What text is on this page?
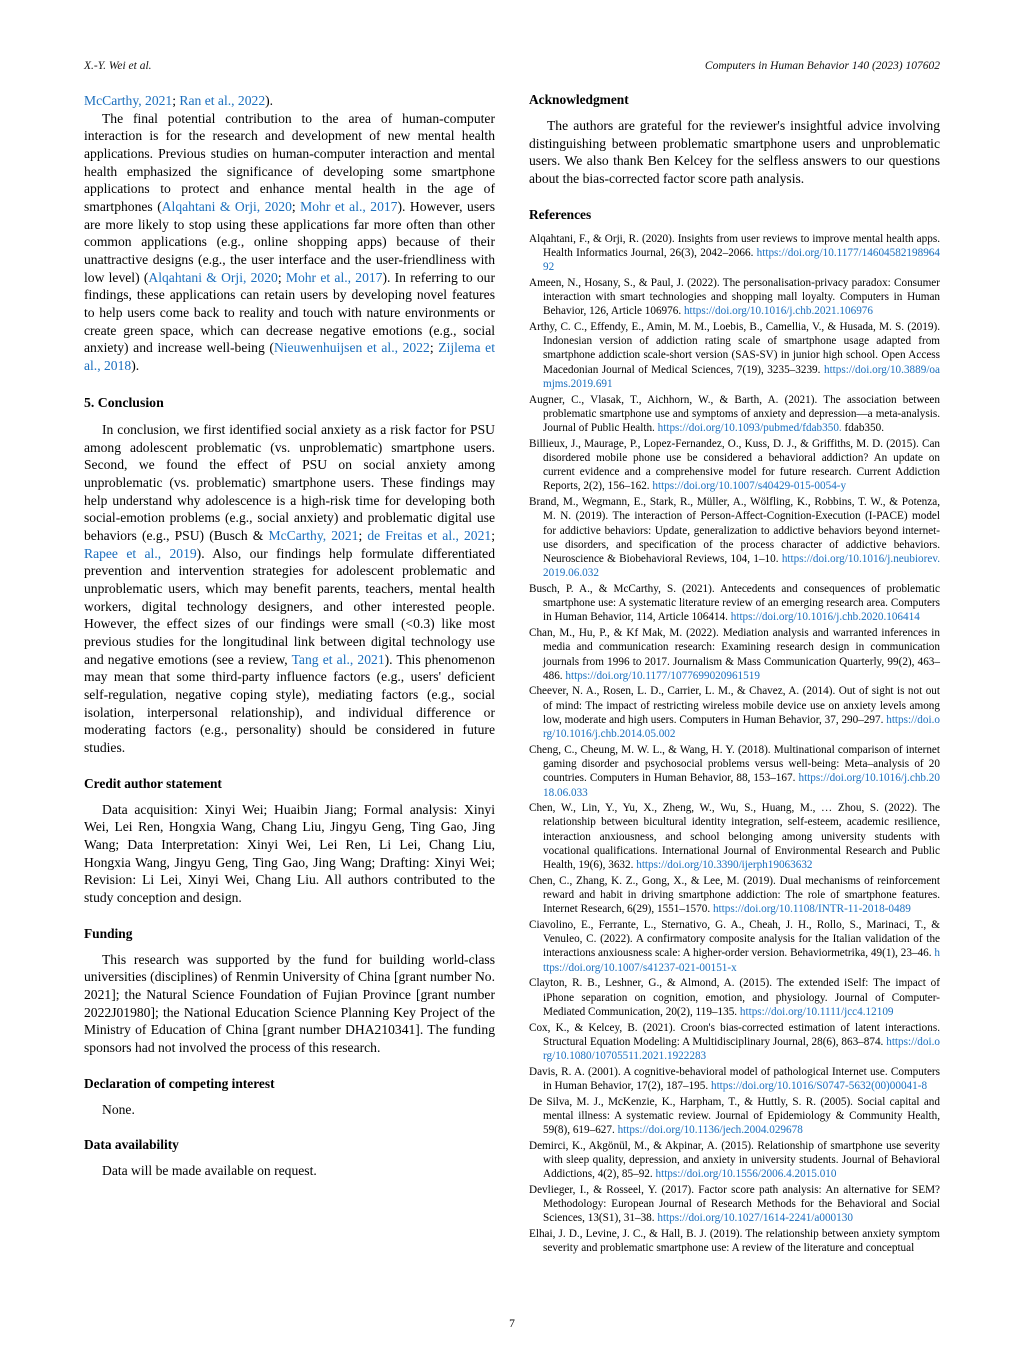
X.-Y. Wei et al.	Computers in Human Behavior 140 (2023) 107602

McCarthy, 2021; Ran et al., 2022).

The final potential contribution to the area of human-computer interaction is for the research and development of new mental health applications. Previous studies on human-computer interaction and mental health emphasized the significance of developing some smartphone applications to protect and enhance mental health in the age of smartphones (Alqahtani & Orji, 2020; Mohr et al., 2017). However, users are more likely to stop using these applications far more often than other common applications (e.g., online shopping apps) because of their unattractive designs (e.g., the user interface and the user-friendliness with low level) (Alqahtani & Orji, 2020; Mohr et al., 2017). In referring to our findings, these applications can retain users by developing novel features to help users come back to reality and touch with nature environments or create green space, which can decrease negative emotions (e.g., social anxiety) and increase well-being (Nieuwenhuijsen et al., 2022; Zijlema et al., 2018).

5. Conclusion

In conclusion, we first identified social anxiety as a risk factor for PSU among adolescent problematic (vs. unproblematic) smartphone users. Second, we found the effect of PSU on social anxiety among unproblematic (vs. problematic) smartphone users. These findings may help understand why adolescence is a high-risk time for developing both social-emotion problems (e.g., social anxiety) and problematic digital use behaviors (e.g., PSU) (Busch & McCarthy, 2021; de Freitas et al., 2021; Rapee et al., 2019). Also, our findings help formulate differentiated prevention and intervention strategies for adolescent problematic and unproblematic users, which may benefit parents, teachers, mental health workers, digital technology designers, and other interested people. However, the effect sizes of our findings were small (<0.3) like most previous studies for the longitudinal link between digital technology use and negative emotions (see a review, Tang et al., 2021). This phenomenon may mean that some third-party influence factors (e.g., users' deficient self-regulation, negative coping style), mediating factors (e.g., social isolation, interpersonal relationship), and individual difference or moderating factors (e.g., personality) should be considered in future studies.

Credit author statement

Data acquisition: Xinyi Wei; Huaibin Jiang; Formal analysis: Xinyi Wei, Lei Ren, Hongxia Wang, Chang Liu, Jingyu Geng, Ting Gao, Jing Wang; Data Interpretation: Xinyi Wei, Lei Ren, Li Lei, Chang Liu, Hongxia Wang, Jingyu Geng, Ting Gao, Jing Wang; Drafting: Xinyi Wei; Revision: Li Lei, Xinyi Wei, Chang Liu. All authors contributed to the study conception and design.

Funding

This research was supported by the fund for building world-class universities (disciplines) of Renmin University of China [grant number No. 2021]; the Natural Science Foundation of Fujian Province [grant number 2022J01980]; the National Education Science Planning Key Project of the Ministry of Education of China [grant number DHA210341]. The funding sponsors had not involved the process of this research.

Declaration of competing interest

None.

Data availability

Data will be made available on request.

Acknowledgment

The authors are grateful for the reviewer's insightful advice involving distinguishing between problematic smartphone users and unproblematic users. We also thank Ben Kelcey for the selfless answers to our questions about the bias-corrected factor score path analysis.

References
Alqahtani, F., & Orji, R. (2020). Insights from user reviews to improve mental health apps. Health Informatics Journal, 26(3), 2042–2066. https://doi.org/10.1177/1460458219896492
Ameen, N., Hosany, S., & Paul, J. (2022). The personalisation-privacy paradox: Consumer interaction with smart technologies and shopping mall loyalty. Computers in Human Behavior, 126, Article 106976. https://doi.org/10.1016/j.chb.2021.106976
Arthy, C. C., Effendy, E., Amin, M. M., Loebis, B., Camellia, V., & Husada, M. S. (2019). Indonesian version of addiction rating scale of smartphone usage adapted from smartphone addiction scale-short version (SAS-SV) in junior high school. Open Access Macedonian Journal of Medical Sciences, 7(19), 3235–3239. https://doi.org/10.3889/oamjms.2019.691
Augner, C., Vlasak, T., Aichhorn, W., & Barth, A. (2021). The association between problematic smartphone use and symptoms of anxiety and depression—a meta-analysis. Journal of Public Health. https://doi.org/10.1093/pubmed/fdab350. fdab350.
Billieux, J., Maurage, P., Lopez-Fernandez, O., Kuss, D. J., & Griffiths, M. D. (2015). Can disordered mobile phone use be considered a behavioral addiction? An update on current evidence and a comprehensive model for future research. Current Addiction Reports, 2(2), 156–162. https://doi.org/10.1007/s40429-015-0054-y
Brand, M., Wegmann, E., Stark, R., Müller, A., Wölfling, K., Robbins, T. W., & Potenza, M. N. (2019). The interaction of Person-Affect-Cognition-Execution (I-PACE) model for addictive behaviors: Update, generalization to addictive behaviors beyond internet-use disorders, and specification of the process character of addictive behaviors. Neuroscience & Biobehavioral Reviews, 104, 1–10. https://doi.org/10.1016/j.neubiorev.2019.06.032
Busch, P. A., & McCarthy, S. (2021). Antecedents and consequences of problematic smartphone use: A systematic literature review of an emerging research area. Computers in Human Behavior, 114, Article 106414. https://doi.org/10.1016/j.chb.2020.106414
Chan, M., Hu, P., & Kf Mak, M. (2022). Mediation analysis and warranted inferences in media and communication research: Examining research design in communication journals from 1996 to 2017. Journalism & Mass Communication Quarterly, 99(2), 463–486. https://doi.org/10.1177/1077699020961519
Cheever, N. A., Rosen, L. D., Carrier, L. M., & Chavez, A. (2014). Out of sight is not out of mind: The impact of restricting wireless mobile device use on anxiety levels among low, moderate and high users. Computers in Human Behavior, 37, 290–297. https://doi.org/10.1016/j.chb.2014.05.002
Cheng, C., Cheung, M. W. L., & Wang, H. Y. (2018). Multinational comparison of internet gaming disorder and psychosocial problems versus well-being: Meta–analysis of 20 countries. Computers in Human Behavior, 88, 153–167. https://doi.org/10.1016/j.chb.2018.06.033
Chen, W., Lin, Y., Yu, X., Zheng, W., Wu, S., Huang, M., … Zhou, S. (2022). The relationship between bicultural identity integration, self-esteem, academic resilience, interaction anxiousness, and school belonging among university students with vocational qualifications. International Journal of Environmental Research and Public Health, 19(6), 3632. https://doi.org/10.3390/ijerph19063632
Chen, C., Zhang, K. Z., Gong, X., & Lee, M. (2019). Dual mechanisms of reinforcement reward and habit in driving smartphone addiction: The role of smartphone features. Internet Research, 6(29), 1551–1570. https://doi.org/10.1108/INTR-11-2018-0489
Ciavolino, E., Ferrante, L., Sternativo, G. A., Cheah, J. H., Rollo, S., Marinaci, T., & Venuleo, C. (2022). A confirmatory composite analysis for the Italian validation of the interactions anxiousness scale: A higher-order version. Behaviormetrika, 49(1), 23–46. https://doi.org/10.1007/s41237-021-00151-x
Clayton, R. B., Leshner, G., & Almond, A. (2015). The extended iSelf: The impact of iPhone separation on cognition, emotion, and physiology. Journal of Computer-Mediated Communication, 20(2), 119–135. https://doi.org/10.1111/jcc4.12109
Cox, K., & Kelcey, B. (2021). Croon's bias-corrected estimation of latent interactions. Structural Equation Modeling: A Multidisciplinary Journal, 28(6), 863–874. https://doi.org/10.1080/10705511.2021.1922283
Davis, R. A. (2001). A cognitive-behavioral model of pathological Internet use. Computers in Human Behavior, 17(2), 187–195. https://doi.org/10.1016/S0747-5632(00)00041-8
De Silva, M. J., McKenzie, K., Harpham, T., & Huttly, S. R. (2005). Social capital and mental illness: A systematic review. Journal of Epidemiology & Community Health, 59(8), 619–627. https://doi.org/10.1136/jech.2004.029678
Demirci, K., Akgönül, M., & Akpinar, A. (2015). Relationship of smartphone use severity with sleep quality, depression, and anxiety in university students. Journal of Behavioral Addictions, 4(2), 85–92. https://doi.org/10.1556/2006.4.2015.010
Devlieger, I., & Rosseel, Y. (2017). Factor score path analysis: An alternative for SEM? Methodology: European Journal of Research Methods for the Behavioral and Social Sciences, 13(S1), 31–38. https://doi.org/10.1027/1614-2241/a000130
Elhai, J. D., Levine, J. C., & Hall, B. J. (2019). The relationship between anxiety symptom severity and problematic smartphone use: A review of the literature and conceptual
7
